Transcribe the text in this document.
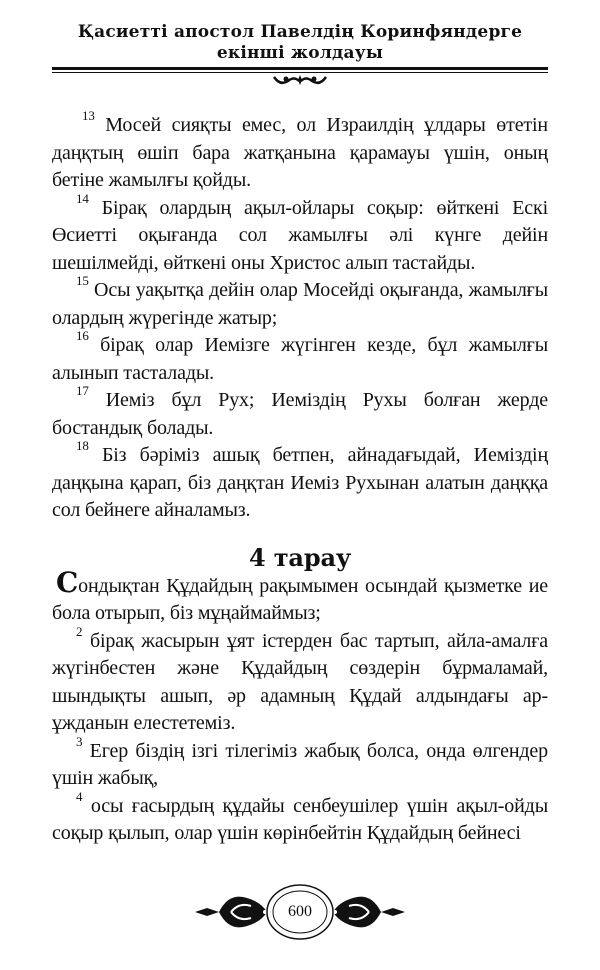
Қасиетті апостол Павелдің Коринфяндерге
екінші жолдауы

$^{13}$ Мосей сияқты емес, ол Израилдің ұлдары өтетін даңқтың өшіп бара жатқанына қарамауы үшін, оның бетіне жамылғы қойды.

$^{14}$ Бірақ олардың ақыл-ойлары соқыр: өйткені Ескі Өсиетті оқығанда сол жамылғы әлі күнге дейін шешілмейді, өйткені оны Христос алып тастайды.

$^{15}$ Осы уақытқа дейін олар Мосейді оқығанда, жамылғы олардың жүрегінде жатыр;

$^{16}$ бірақ олар Иемізге жүгінген кезде, бұл жамылғы алынып тасталады.

$^{17}$ Иеміз бұл Рух; Иеміздің Рухы болған жерде бостандық болады.

$^{18}$ Біз бәріміз ашық бетпен, айнадағыдай, Иеміздің даңқына қарап, біз даңқтан Иеміз Рухынан алатын даңққа сол бейнеге айналамыз.

4 тарау

Сондықтан Құдайдың рақымымен осындай қызметке ие бола отырып, біз мұңаймаймыз;

$^2$ бірақ жасырын ұят істерден бас тартып, айла-амалға жүгінбестен және Құдайдың сөздерін бұрмаламай, шындықты ашып, әр адамның Құдай алдындағы ар-ұжданын елестетеміз.

$^3$ Егер біздің ізгі тілегіміз жабық болса, онда өлгендер үшін жабық,

$^4$ осы ғасырдың құдайы сенбеушілер үшін ақыл-ойды соқыр қылып, олар үшін көрінбейтін Құдайдың бейнесі

600
